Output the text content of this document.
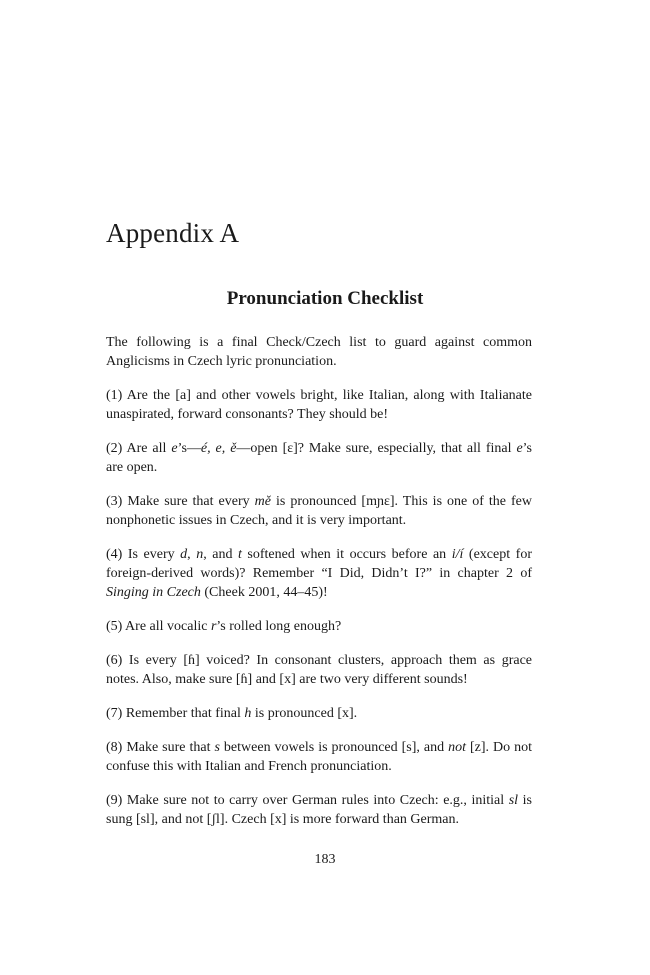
Appendix A
Pronunciation Checklist

The following is a final Check/Czech list to guard against common Anglicisms in Czech lyric pronunciation.

(1) Are the [a] and other vowels bright, like Italian, along with Italianate unaspirated, forward consonants? They should be!

(2) Are all e’s—é, e, ě—open [ɛ]? Make sure, especially, that all final e’s are open.

(3) Make sure that every mě is pronounced [mɲɛ]. This is one of the few nonphonetic issues in Czech, and it is very important.

(4) Is every d, n, and t softened when it occurs before an i/í (except for foreign-derived words)? Remember “I Did, Didn’t I?” in chapter 2 of Singing in Czech (Cheek 2001, 44–45)!

(5) Are all vocalic r’s rolled long enough?

(6) Is every [ɦ] voiced? In consonant clusters, approach them as grace notes. Also, make sure [ɦ] and [x] are two very different sounds!

(7) Remember that final h is pronounced [x].

(8) Make sure that s between vowels is pronounced [s], and not [z]. Do not confuse this with Italian and French pronunciation.

(9) Make sure not to carry over German rules into Czech: e.g., initial sl is sung [sl], and not [ʃl]. Czech [x] is more forward than German.

183
